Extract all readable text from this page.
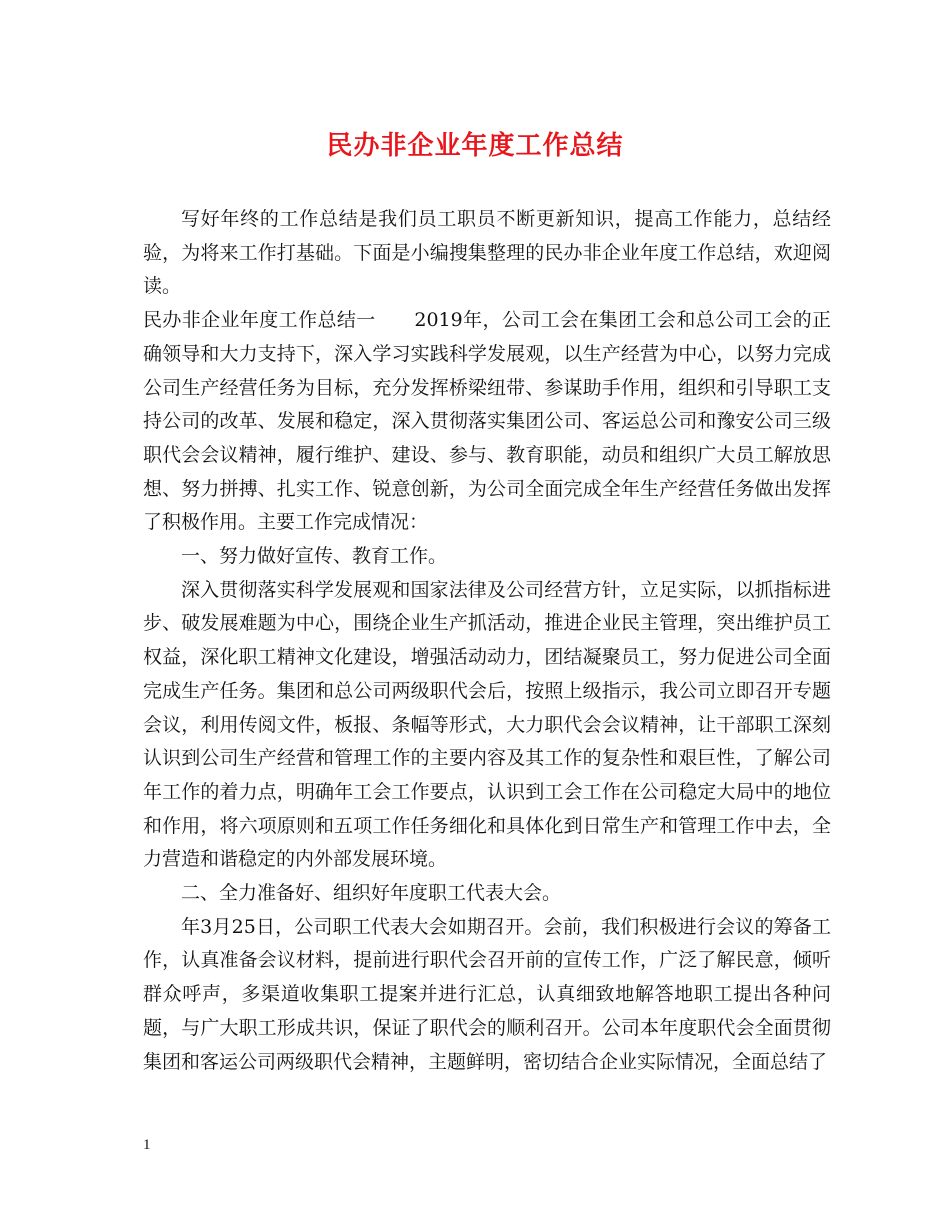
民办非企业年度工作总结

写好年终的工作总结是我们员工职员不断更新知识，提高工作能力，总结经验，为将来工作打基础。下面是小编搜集整理的民办非企业年度工作总结，欢迎阅读。

民办非企业年度工作总结一　　2019年，公司工会在集团工会和总公司工会的正确领导和大力支持下，深入学习实践科学发展观，以生产经营为中心，以努力完成公司生产经营任务为目标，充分发挥桥梁纽带、参谋助手作用，组织和引导职工支持公司的改革、发展和稳定，深入贯彻落实集团公司、客运总公司和豫安公司三级职代会会议精神，履行维护、建设、参与、教育职能，动员和组织广大员工解放思想、努力拼搏、扎实工作、锐意创新，为公司全面完成全年生产经营任务做出发挥了积极作用。主要工作完成情况：

一、努力做好宣传、教育工作。

深入贯彻落实科学发展观和国家法律及公司经营方针，立足实际，以抓指标进步、破发展难题为中心，围绕企业生产抓活动，推进企业民主管理，突出维护员工权益，深化职工精神文化建设，增强活动动力，团结凝聚员工，努力促进公司全面完成生产任务。集团和总公司两级职代会后，按照上级指示，我公司立即召开专题会议，利用传阅文件，板报、条幅等形式，大力职代会会议精神，让干部职工深刻认识到公司生产经营和管理工作的主要内容及其工作的复杂性和艰巨性，了解公司年工作的着力点，明确年工会工作要点，认识到工会工作在公司稳定大局中的地位和作用，将六项原则和五项工作任务细化和具体化到日常生产和管理工作中去，全力营造和谐稳定的内外部发展环境。

二、全力准备好、组织好年度职工代表大会。

年3月25日，公司职工代表大会如期召开。会前，我们积极进行会议的筹备工作，认真准备会议材料，提前进行职代会召开前的宣传工作，广泛了解民意，倾听群众呼声，多渠道收集职工提案并进行汇总，认真细致地解答地职工提出各种问题，与广大职工形成共识，保证了职代会的顺利召开。公司本年度职代会全面贯彻集团和客运公司两级职代会精神，主题鲜明，密切结合企业实际情况，全面总结了

1
